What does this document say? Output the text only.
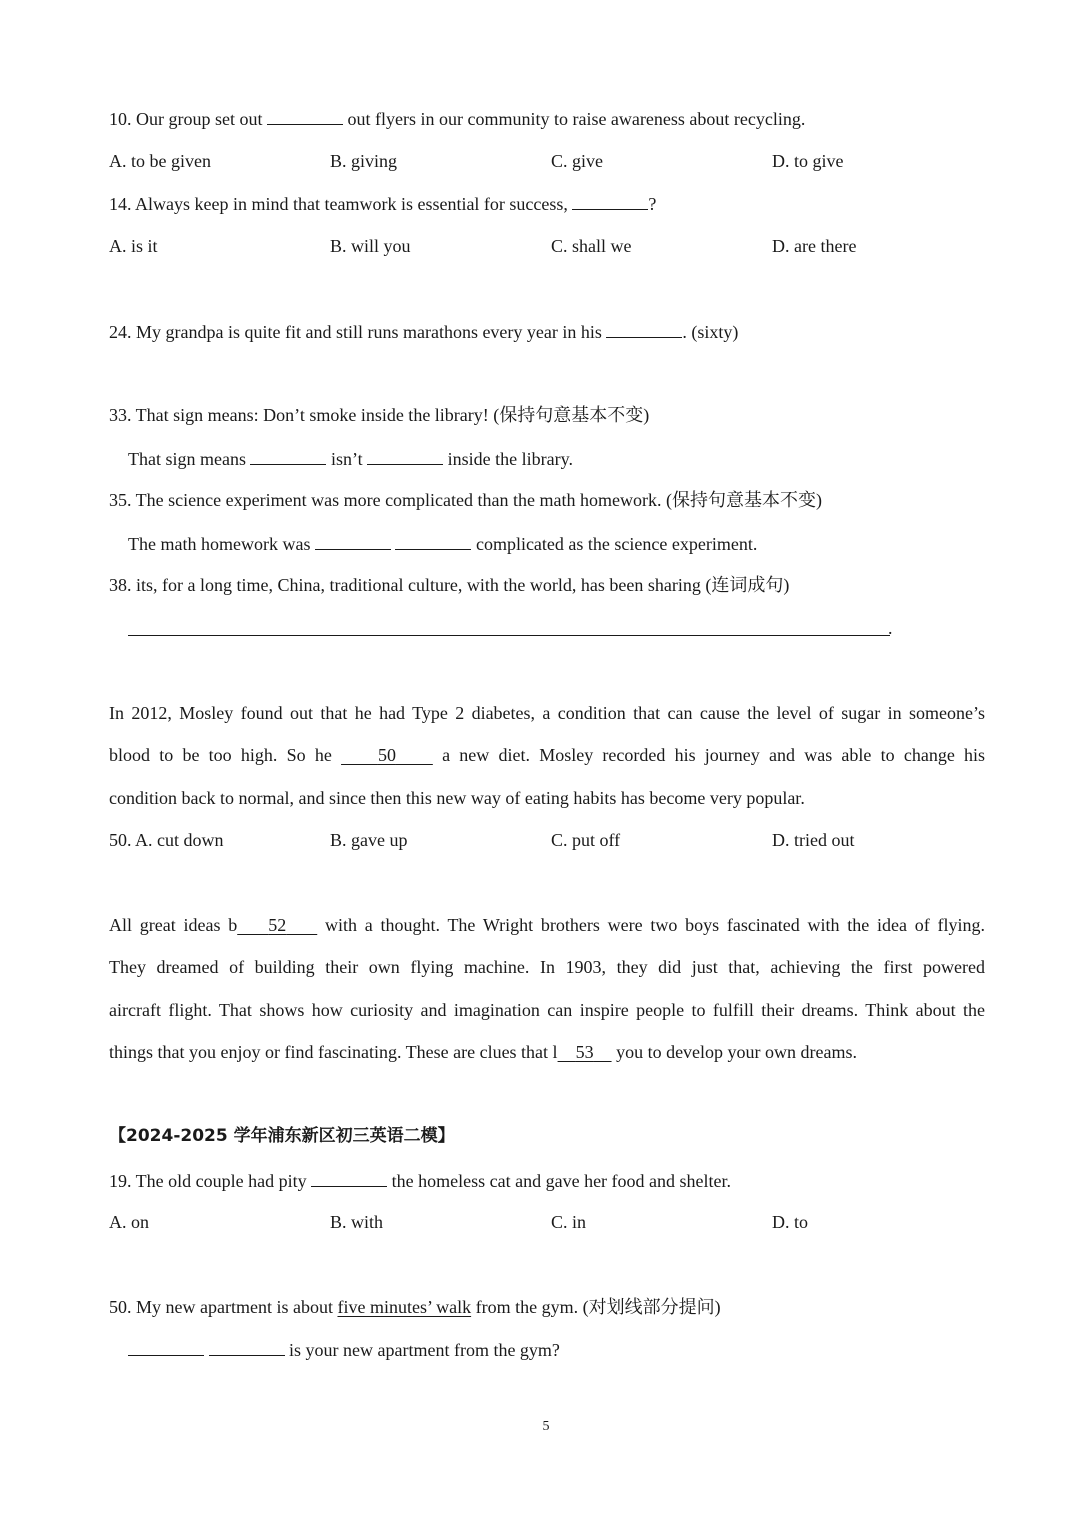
10. Our group set out	out flyers in our community to raise awareness about recycling.
A. to be given	B. giving	C. give	D. to give
14. Always keep in mind that teamwork is essential for success,	?
A. is it	B. will you	C. shall we	D. are there
24. My grandpa is quite fit and still runs marathons every year in his	. (sixty)
33. That sign means: Don’t smoke inside the library! (保持句意基本不变)
That sign means	isn’t	inside the library.
35. The science experiment was more complicated than the math homework. (保持句意基本不变)
The math homework was	complicated as the science experiment.
38. its, for a long time, China, traditional culture, with the world, has been sharing (连词成句)
.
In 2012, Mosley found out that he had Type 2 diabetes, a condition that can cause the level of sugar in someone’s
blood to be too high. So he	50	a new diet. Mosley recorded his journey and was able to change his
condition back to normal, and since then this new way of eating habits has become very popular.
50. A. cut down	B. gave up	C. put off	D. tried out
All great ideas b 52 with a thought. The Wright brothers were two boys fascinated with the idea of flying.
They dreamed of building their own flying machine. In 1903, they did just that, achieving the first powered
aircraft flight. That shows how curiosity and imagination can inspire people to fulfill their dreams. Think about the
things that you enjoy or find fascinating. These are clues that l 53 you to develop your own dreams.
【2024-2025 学年浦东新区初三英语二模】
19. The old couple had pity	the homeless cat and gave her food and shelter.
A. on	B. with	C. in	D. to
50. My new apartment is about five minutes’ walk from the gym. (对划线部分提问)
is your new apartment from the gym?
5
